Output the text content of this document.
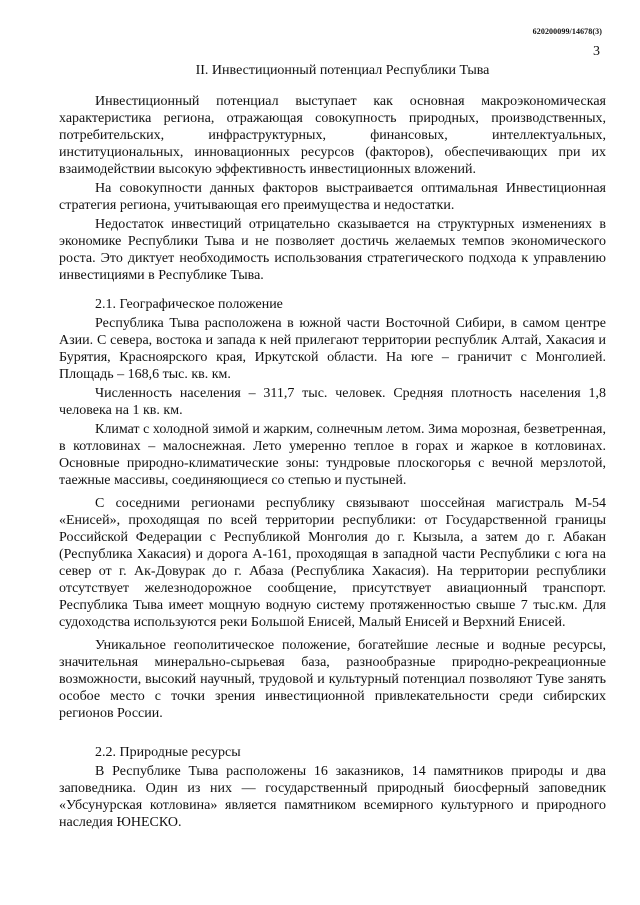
620200099/14678(3)
3
II. Инвестиционный потенциал Республики Тыва

Инвестиционный потенциал выступает как основная макроэкономическая характеристика региона, отражающая совокупность природных, производственных, потребительских, инфраструктурных, финансовых, интеллектуальных, институциональных, инновационных ресурсов (факторов), обеспечивающих при их взаимодействии высокую эффективность инвестиционных вложений.

На совокупности данных факторов выстраивается оптимальная Инвестиционная стратегия региона, учитывающая его преимущества и недостатки.

Недостаток инвестиций отрицательно сказывается на структурных изменениях в экономике Республики Тыва и не позволяет достичь желаемых темпов экономического роста. Это диктует необходимость использования стратегического подхода к управлению инвестициями в Республике Тыва.

2.1. Географическое положение

Республика Тыва расположена в южной части Восточной Сибири, в самом центре Азии. С севера, востока и запада к ней прилегают территории республик Алтай, Хакасия и Бурятия, Красноярского края, Иркутской области. На юге – граничит с Монголией. Площадь – 168,6 тыс. кв. км.

Численность населения – 311,7 тыс. человек. Средняя плотность населения 1,8 человека на 1 кв. км.

Климат с холодной зимой и жарким, солнечным летом. Зима морозная, безветренная, в котловинах – малоснежная. Лето умеренно теплое в горах и жаркое в котловинах. Основные природно-климатические зоны: тундровые плоскогорья с вечной мерзлотой, таежные массивы, соединяющиеся со степью и пустыней.

С соседними регионами республику связывают шоссейная магистраль М-54 «Енисей», проходящая по всей территории республики: от Государственной границы Российской Федерации с Республикой Монголия до г. Кызыла, а затем до г. Абакан (Республика Хакасия) и дорога А-161, проходящая в западной части Республики с юга на север от г. Ак-Довурак до г. Абаза (Республика Хакасия). На территории республики отсутствует железнодорожное сообщение, присутствует авиационный транспорт. Республика Тыва имеет мощную водную систему протяженностью свыше 7 тыс.км. Для судоходства используются реки Большой Енисей, Малый Енисей и Верхний Енисей.

Уникальное геополитическое положение, богатейшие лесные и водные ресурсы, значительная минерально-сырьевая база, разнообразные природно-рекреационные возможности, высокий научный, трудовой и культурный потенциал позволяют Туве занять особое место с точки зрения инвестиционной привлекательности среди сибирских регионов России.

2.2. Природные ресурсы

В Республике Тыва расположены 16 заказников, 14 памятников природы и два заповедника. Один из них — государственный природный биосферный заповедник «Убсунурская котловина» является памятником всемирного культурного и природного наследия ЮНЕСКО.
